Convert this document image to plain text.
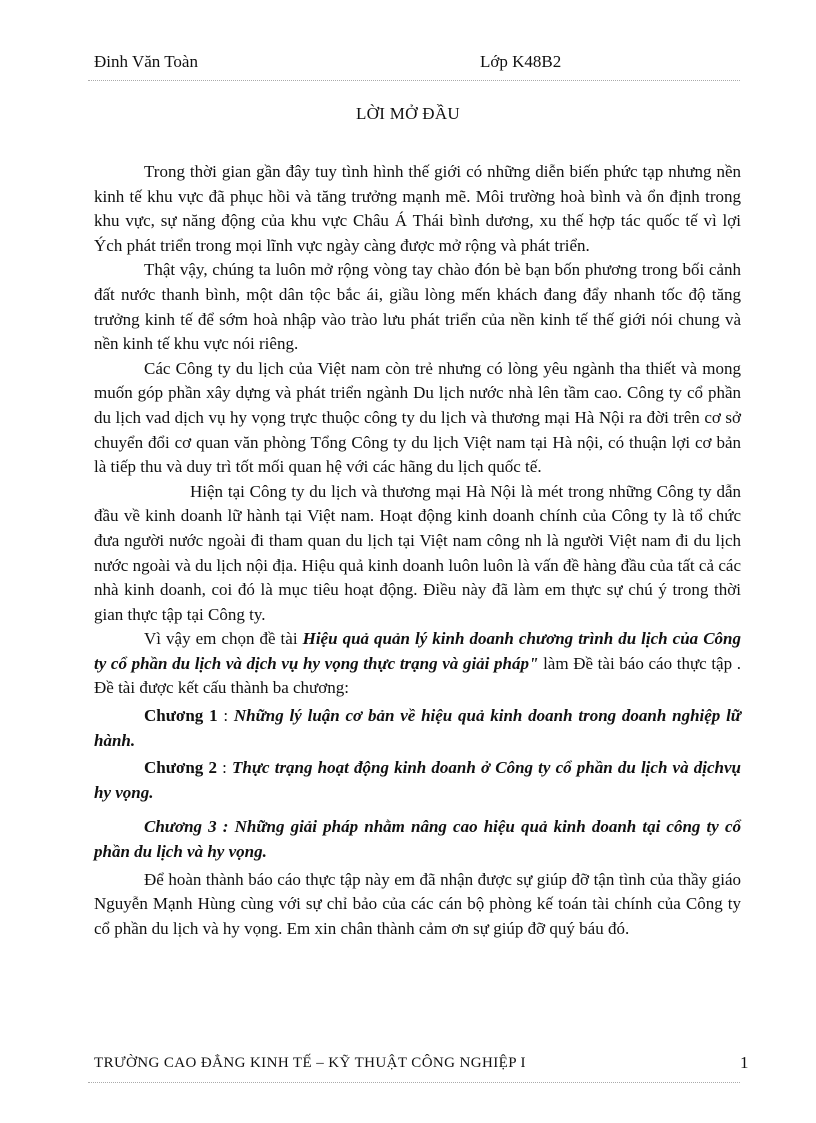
Đinh Văn Toàn	Lớp K48B2
LỜI MỞ ĐẦU

Trong thời gian gần đây tuy tình hình thế giới có những diễn biến phức tạp nhưng nền kinh tế khu vực đã phục hồi và tăng trưởng mạnh mẽ. Môi trường hoà bình và ổn định trong khu vực, sự năng động của khu vực Châu Á Thái bình dương, xu thế hợp tác quốc tế vì lợi Ých phát triển trong mọi lĩnh vực ngày càng được mở rộng và phát triển.

Thật vậy, chúng ta luôn mở rộng vòng tay chào đón bè bạn bốn phương trong bối cảnh đất nước thanh bình, một dân tộc bắc ái, giầu lòng mến khách đang đẩy nhanh tốc độ tăng trưởng kinh tế để sớm hoà nhập vào trào lưu phát triển của nền kinh tế thế giới nói chung và nền kinh tế khu vực nói riêng.

Các Công ty du lịch của Việt nam còn trẻ nhưng có lòng yêu ngành tha thiết và mong muốn góp phần xây dựng và phát triển ngành Du lịch nước nhà lên tầm cao. Công ty cổ phần du lịch vad dịch vụ hy vọng trực thuộc công ty du lịch và thương mại Hà Nội ra đời trên cơ sở chuyển đổi cơ quan văn phòng Tổng Công ty du lịch Việt nam tại Hà nội, có thuận lợi cơ bản là tiếp thu và duy trì tốt mối quan hệ với các hãng du lịch quốc tế.

Hiện tại Công ty du lịch và thương mại Hà Nội là mét trong những Công ty dẫn đầu về kinh doanh lữ hành tại Việt nam. Hoạt động kinh doanh chính của Công ty là tổ chức đưa người nước ngoài đi tham quan du lịch tại Việt nam công nh là người Việt nam đi du lịch nước ngoài và du lịch nội địa. Hiệu quả kinh doanh luôn luôn là vấn đề hàng đầu của tất cả các nhà kinh doanh, coi đó là mục tiêu hoạt động. Điều này đã làm em thực sự chú ý trong thời gian thực tập tại Công ty.

Vì vậy em chọn đề tài Hiệu quả quản lý kinh doanh chương trình du lịch của Công ty cổ phần du lịch và dịch vụ hy vọng thực trạng và giải pháp" làm Đề tài báo cáo thực tập . Đề tài được kết cấu thành ba chương:

Chương 1 : Những lý luận cơ bản về hiệu quả kinh doanh trong doanh nghiệp lữ hành.

Chương 2 : Thực trạng hoạt động kinh doanh ở Công ty cổ phần du lịch và dịchvụ hy vọng.

Chương 3 : Những giải pháp nhằm nâng cao hiệu quả kinh doanh tại công ty cổ phần du lịch và hy vọng.

Để hoàn thành báo cáo thực tập này em đã nhận được sự giúp đỡ tận tình của thầy giáo Nguyễn Mạnh Hùng cùng với sự chỉ bảo của các cán bộ phòng kế toán tài chính của Công ty cổ phần du lịch và hy vọng. Em xin chân thành cảm ơn sự giúp đỡ quý báu đó.

TRƯỜNG CAO ĐẲNG KINH TẾ – KỸ THUẬT CÔNG NGHIỆP I	1
